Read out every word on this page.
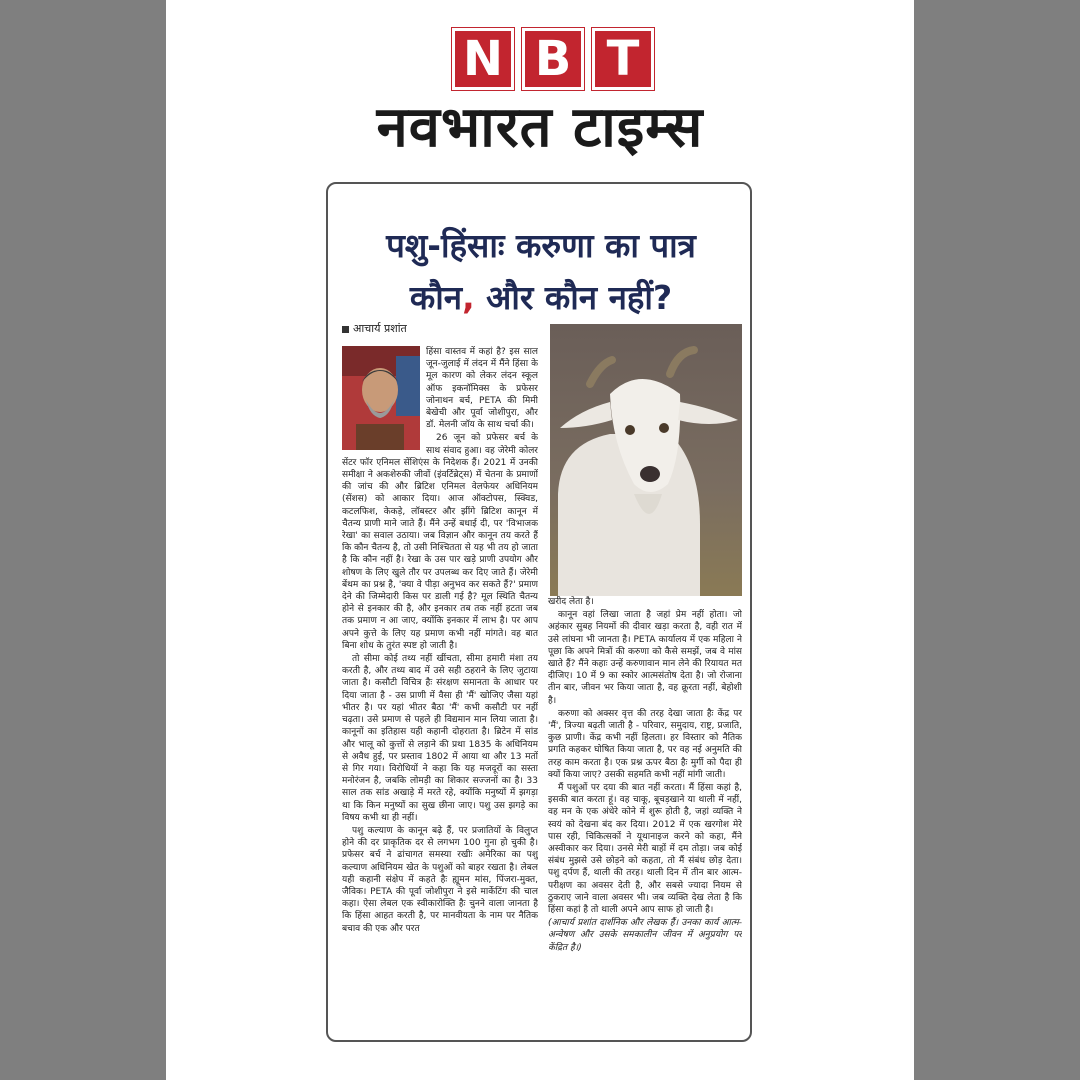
N B T
नवभारत टाइम्स
पशु-हिंसाः करुणा का पात्र
कौन, और कौन नहीं?
आचार्य प्रशांत

हिंसा वास्तव में कहां है? इस साल जून-जुलाई में लंदन में मैंने हिंसा के मूल कारण को लेकर लंदन स्कूल ऑफ इकनॉमिक्स के प्रफेसर जोनाथन बर्च, PETA की मिमी बेखेची और पूर्वा जोशीपुरा, और डॉ. मेलनी जॉय के साथ चर्चा की।

26 जून को प्रफेसर बर्च के साथ संवाद हुआ। वह जेरेमी कोलर सेंटर फॉर एनिमल सेंशिएंस के निदेशक हैं। 2021 में उनकी समीक्षा ने अकशेरुकी जीवों (इंवर्टिब्रेट्स) में चेतना के प्रमाणों की जांच की और ब्रिटिश एनिमल वेलफेयर अधिनियम (सेंशस) को आकार दिया। आज ऑक्टोपस, स्क्विड, कटलफिश, केकड़े, लॉबस्टर और झींगे ब्रिटिश कानून में चैतन्य प्राणी माने जाते हैं। मैंने उन्हें बधाई दी, पर 'विभाजक रेखा' का सवाल उठाया। जब विज्ञान और कानून तय करते हैं कि कौन चैतन्य है, तो उसी निश्चितता से यह भी तय हो जाता है कि कौन नहीं है। रेखा के उस पार खड़े प्राणी उपयोग और शोषण के लिए खुले तौर पर उपलब्ध कर दिए जाते हैं। जेरेमी बेंथम का प्रश्न है, 'क्या वे पीड़ा अनुभव कर सकते हैं?' प्रमाण देने की जिम्मेदारी किस पर डाली गई है? मूल स्थिति चैतन्य होने से इनकार की है, और इनकार तब तक नहीं हटता जब तक प्रमाण न आ जाए, क्योंकि इनकार में लाभ है। पर आप अपने कुत्ते के लिए यह प्रमाण कभी नहीं मांगते। वह बात बिना शोध के तुरंत स्पष्ट हो जाती है।

तो सीमा कोई तथ्य नहीं खींचता, सीमा हमारी मंशा तय करती है, और तथ्य बाद में उसे सही ठहराने के लिए जुटाया जाता है। कसौटी विचित्र हैः संरक्षण समानता के आधार पर दिया जाता है - उस प्राणी में वैसा ही 'मैं' खोजिए जैसा यहां भीतर है। पर यहां भीतर बैठा 'मैं' कभी कसौटी पर नहीं चढ़ता। उसे प्रमाण से पहले ही विद्यमान मान लिया जाता है। कानूनों का इतिहास यही कहानी दोहराता है। ब्रिटेन में सांड और भालू को कुत्तों से लड़ाने की प्रथा 1835 के अधिनियम से अवैध हुई, पर प्रस्ताव 1802 में आया था और 13 मतों से गिर गया। विरोधियों ने कहा कि यह मजदूरों का सस्ता मनोरंजन है, जबकि लोमड़ी का शिकार सज्जनों का है। 33 साल तक सांड अखाड़े में मरते रहे, क्योंकि मनुष्यों में झगड़ा था कि किन मनुष्यों का सुख छीना जाए। पशु उस झगड़े का विषय कभी था ही नहीं।

पशु कल्याण के कानून बढ़े हैं, पर प्रजातियों के विलुप्त होने की दर प्राकृतिक दर से लगभग 100 गुना हो चुकी है। प्रफेसर बर्च ने ढांचागत समस्या रखीः अमेरिका का पशु कल्याण अधिनियम खेत के पशुओं को बाहर रखता है। लेबल यही कहानी संक्षेप में कहते हैः ह्यूमन मांस, पिंजरा-मुक्त, जैविक। PETA की पूर्वा जोशीपुरा ने इसे मार्केटिंग की चाल कहा। ऐसा लेबल एक स्वीकारोक्ति हैः चुनने वाला जानता है कि हिंसा आहत करती है, पर मानवीयता के नाम पर नैतिक बचाव की एक और परत

खरीद लेता है।

कानून वहां लिखा जाता है जहां प्रेम नहीं होता। जो अहंकार सुबह नियमों की दीवार खड़ा करता है, वही रात में उसे लांघना भी जानता है। PETA कार्यालय में एक महिला ने पूछा कि अपने मित्रों की करुणा को कैसे समझें, जब वे मांस खाते हैं? मैंने कहाः उन्हें करुणावान मान लेने की रियायत मत दीजिए। 10 में 9 का स्कोर आत्मसंतोष देता है। जो रोजाना तीन बार, जीवन भर किया जाता है, वह क्रूरता नहीं, बेहोशी है।

करुणा को अक्सर वृत्त की तरह देखा जाता हैः केंद्र पर 'मैं', त्रिज्या बढ़ती जाती है - परिवार, समुदाय, राष्ट्र, प्रजाति, कुछ प्राणी। केंद्र कभी नहीं हिलता। हर विस्तार को नैतिक प्रगति कहकर घोषित किया जाता है, पर वह नई अनुमति की तरह काम करता है। एक प्रश्न ऊपर बैठा हैः मुर्गी को पैदा ही क्यों किया जाए? उसकी सहमति कभी नहीं मांगी जाती।

मैं पशुओं पर दया की बात नहीं करता। मैं हिंसा कहां है, इसकी बात करता हूं। वह चाकू, बूचड़खाने या थाली में नहीं, वह मन के एक अंधेरे कोने में शुरू होती है, जहां व्यक्ति ने स्वयं को देखना बंद कर दिया। 2012 में एक खरगोश मेरे पास रही, चिकित्सकों ने यूथानाइज करने को कहा, मैंने अस्वीकार कर दिया। उनसे मेरी बाहों में दम तोड़ा। जब कोई संबंध मुझसे उसे छोड़ने को कहता, तो मैं संबंध छोड़ देता। पशु दर्पण हैं, थाली की तरह। थाली दिन में तीन बार आत्म-परीक्षण का अवसर देती है, और सबसे ज्यादा नियम से ठुकराए जाने वाला अवसर भी। जब व्यक्ति देख लेता है कि हिंसा कहां है तो थाली अपने आप साफ हो जाती है।

(आचार्य प्रशांत दार्शनिक और लेखक हैं। उनका कार्य आत्म-अन्वेषण और उसके समकालीन जीवन में अनुप्रयोग पर केंद्रित है।)
